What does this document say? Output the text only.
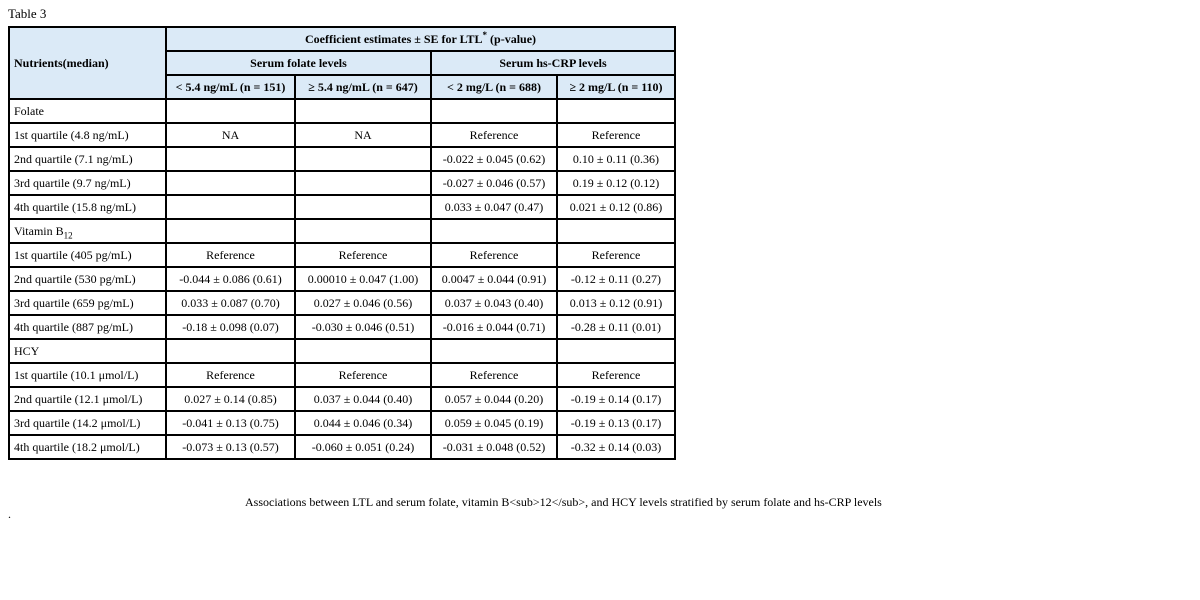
Table 3
Nutrients(median)	Coefficient estimates ± SE for LTL* (p-value)			
	Serum folate levels		Serum hs-CRP levels	
	< 5.4 ng/mL (n = 151)	≥ 5.4 ng/mL (n = 647)	< 2 mg/L (n = 688)	≥ 2 mg/L (n = 110)
Folate				
1st quartile (4.8 ng/mL)	NA	NA	Reference	Reference
2nd quartile (7.1 ng/mL)			-0.022 ± 0.045 (0.62)	0.10 ± 0.11 (0.36)
3rd quartile (9.7 ng/mL)			-0.027 ± 0.046 (0.57)	0.19 ± 0.12 (0.12)
4th quartile (15.8 ng/mL)			0.033 ± 0.047 (0.47)	0.021 ± 0.12 (0.86)
Vitamin $B_{12}$				
1st quartile (405 pg/mL)	Reference	Reference	Reference	Reference
2nd quartile (530 pg/mL)	-0.044 ± 0.086 (0.61)	0.00010 ± 0.047 (1.00)	0.0047 ± 0.044 (0.91)	-0.12 ± 0.11 (0.27)
3rd quartile (659 pg/mL)	0.033 ± 0.087 (0.70)	0.027 ± 0.046 (0.56)	0.037 ± 0.043 (0.40)	0.013 ± 0.12 (0.91)
4th quartile (887 pg/mL)	-0.18 ± 0.098 (0.07)	-0.030 ± 0.046 (0.51)	-0.016 ± 0.044 (0.71)	-0.28 ± 0.11 (0.01)
HCY				
1st quartile (10.1 μmol/L)	Reference	Reference	Reference	Reference
2nd quartile (12.1 μmol/L)	0.027 ± 0.14 (0.85)	0.037 ± 0.044 (0.40)	0.057 ± 0.044 (0.20)	-0.19 ± 0.14 (0.17)
3rd quartile (14.2 μmol/L)	-0.041 ± 0.13 (0.75)	0.044 ± 0.046 (0.34)	0.059 ± 0.045 (0.19)	-0.19 ± 0.13 (0.17)
4th quartile (18.2 μmol/L)	-0.073 ± 0.13 (0.57)	-0.060 ± 0.051 (0.24)	-0.031 ± 0.048 (0.52)	-0.32 ± 0.14 (0.03)
Associations between LTL and serum folate, vitamin B<sub>12</sub>, and HCY levels stratified by serum folate and hs-CRP levels
.
